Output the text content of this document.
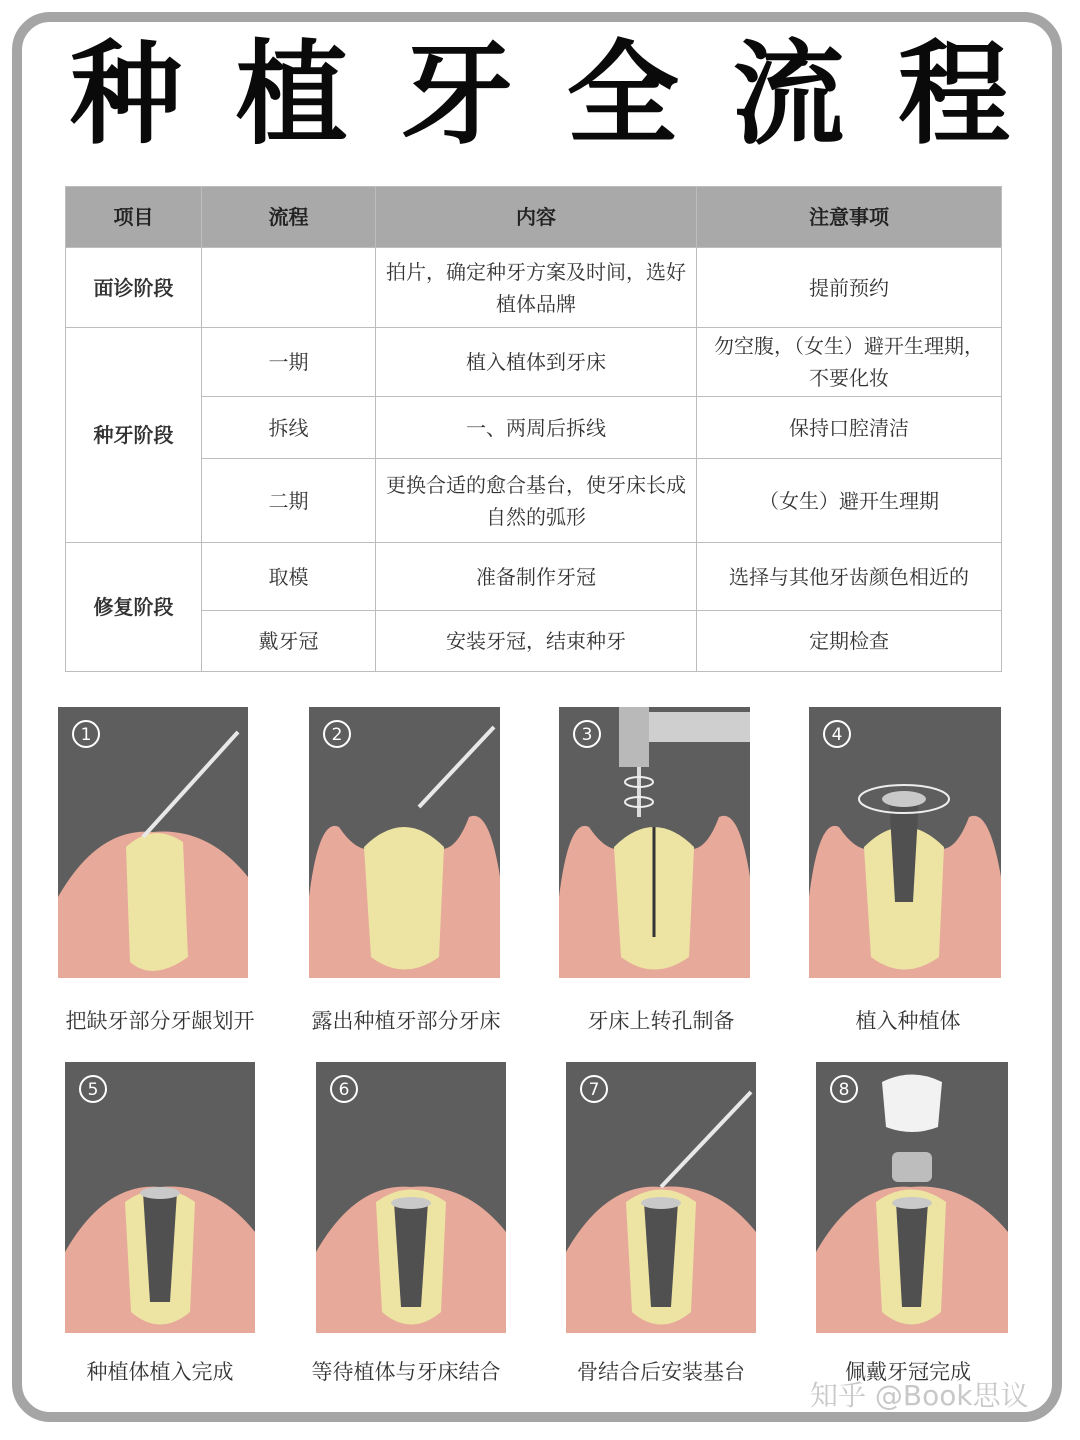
种 植 牙 全 流 程
项目	流程	内容	注意事项
面诊阶段		拍片，确定种牙方案及时间，选好植体品牌	提前预约
种牙阶段	一期	植入植体到牙床	勿空腹，（女生）避开生理期，不要化妆
	拆线	一、两周后拆线	保持口腔清洁
	二期	更换合适的愈合基台，使牙床长成自然的弧形	（女生）避开生理期
修复阶段	取模	准备制作牙冠	选择与其他牙齿颜色相近的
	戴牙冠	安装牙冠，结束种牙	定期检查
1
把缺牙部分牙龈划开
2
露出种植牙部分牙床
3
牙床上转孔制备
4
植入种植体
5
种植体植入完成
6
等待植体与牙床结合
7
骨结合后安装基台
8
佩戴牙冠完成
知乎 @Book思议
